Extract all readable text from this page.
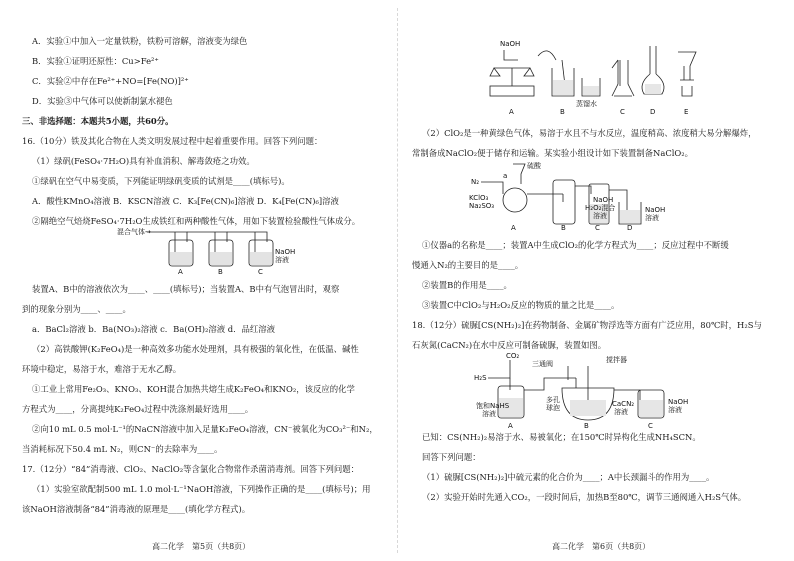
A．实验①中加入一定量铁粉，铁粉可溶解，溶液变为绿色
B．实验①证明还原性：Cu>Fe²⁺
C．实验②中存在Fe²⁺+NO=[Fe(NO)]²⁺
D．实验③中气体可以使新制氯水褪色
三、非选择题：本题共5小题，共60分。
16.（10分）铁及其化合物在人类文明发展过程中起着重要作用。回答下列问题：
（1）绿矾(FeSO₄·7H₂O)具有补血消积、解毒敛疮之功效。
①绿矾在空气中易变质，下列能证明绿矾变质的试剂是____(填标号)。
A．酸性KMnO₄溶液 B．KSCN溶液 C．K₃[Fe(CN)₆]溶液 D．K₄[Fe(CN)₆]溶液
②隔绝空气焙烧FeSO₄·7H₂O生成铁红和两种酸性气体，用如下装置检验酸性气体成分。
混合气体→
NaOH
溶液
A	B	C
装置A、B中的溶液依次为____、____(填标号)；当装置A、B中有气泡冒出时，观察
到的现象分别为____、____。
a．BaCl₂溶液 b．Ba(NO₃)₂溶液 c．Ba(OH)₂溶液 d．品红溶液
（2）高铁酸钾(K₂FeO₄)是一种高效多功能水处理剂，具有极强的氧化性，在低温、碱性
环境中稳定，易溶于水，难溶于无水乙醇。
①工业上常用Fe₂O₃、KNO₃、KOH混合加热共熔生成K₂FeO₄和KNO₂，该反应的化学
方程式为____，分离提纯K₂FeO₄过程中洗涤剂最好选用____。
②向10 mL 0.5 mol·L⁻¹的NaCN溶液中加入足量K₂FeO₄溶液，CN⁻被氧化为CO₃²⁻和N₂，
当消耗标况下50.4 mL N₂，则CN⁻的去除率为____。
17.（12分）“84”消毒液、ClO₂、NaClO₂等含氯化合物常作杀菌消毒剂。回答下列问题：
（1）实验室欲配制500 mL 1.0 mol·L⁻¹NaOH溶液，下列操作正确的是____(填标号)；用
该NaOH溶液制备“84”消毒液的原理是____(填化学方程式)。
高二化学　第5页（共8页）
NaOH
蒸馏水
A	B	C	D	E
（2）ClO₂是一种黄绿色气体，易溶于水且不与水反应，温度稍高、浓度稍大易分解爆炸，
常制备成NaClO₂便于储存和运输。某实验小组设计如下装置制备NaClO₂。
硫酸
a
N₂
KClO₃
Na₂SO₃
NaOH
H₂O₂混合
溶液
NaOH
溶液
A	B	C	D
①仪器a的名称是____；装置A中生成ClO₂的化学方程式为____；反应过程中不断缓
慢通入N₂的主要目的是____。
②装置B的作用是____。
③装置C中ClO₂与H₂O₂反应的物质的量之比是____。
18.（12分）硫脲[CS(NH₂)₂]在药物制备、金属矿物浮选等方面有广泛应用，80℃时，H₂S与
石灰氮(CaCN₂)在水中反应可制备硫脲，装置如图。
CO₂
三通阀
H₂S
搅拌器
饱和NaHS
溶液
多孔
球泡	CaCN₂
溶液
NaOH
溶液
A	B	C
已知：CS(NH₂)₂易溶于水、易被氧化；在150℃时异构化生成NH₄SCN。
回答下列问题：
（1）硫脲[CS(NH₂)₂]中硫元素的化合价为____；A中长颈漏斗的作用为____。
（2）实验开始时先通入CO₂，一段时间后，加热B至80℃，调节三通阀通入H₂S气体。
高二化学　第6页（共8页）
